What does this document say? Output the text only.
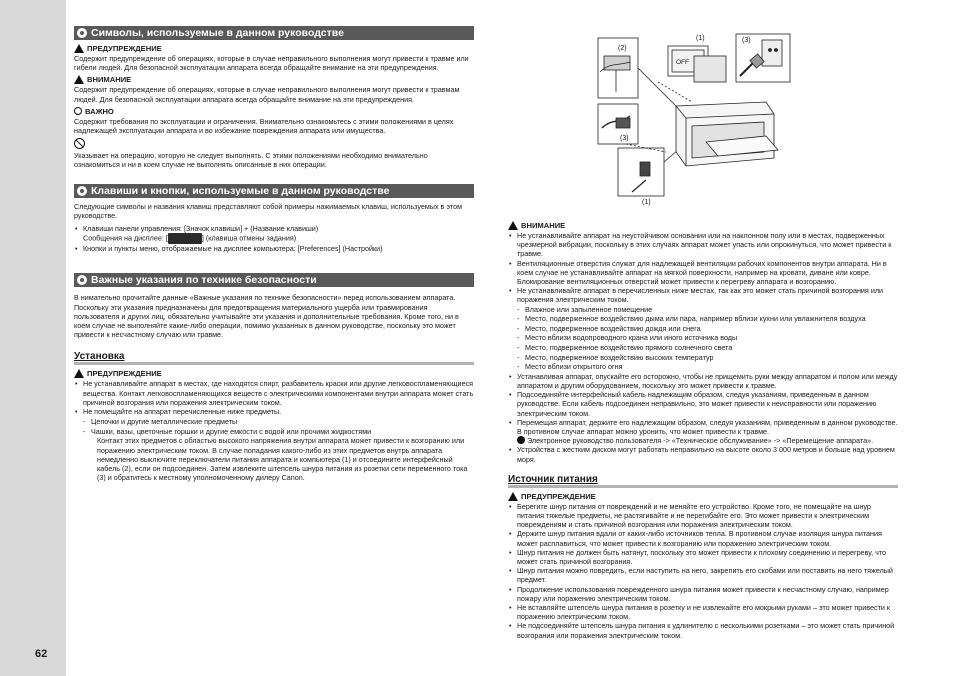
62
Символы, используемые в данном руководстве
ПРЕДУПРЕЖДЕНИЕ

Содержит предупреждение об операциях, которые в случае неправильного выполнения могут привести к травме или гибели людей. Для безопасной эксплуатации аппарата всегда обращайте внимание на эти предупреждения.

ВНИМАНИЕ

Содержит предупреждение об операциях, которые в случае неправильного выполнения могут привести к травмам людей. Для безопасной эксплуатации аппарата всегда обращайте внимание на эти предупреждения.

ВАЖНО

Содержит требования по эксплуатации и ограничения. Внимательно ознакомьтесь с этими положениями в целях надлежащей эксплуатации аппарата и во избежание повреждения аппарата или имущества.

Указывает на операцию, которую не следует выполнять. С этими положениями необходимо внимательно ознакомиться и ни в коем случае не выполнять описанные в них операции.

Клавиши и кнопки, используемые в данном руководстве

Следующие символы и названия клавиш представляют собой примеры нажимаемых клавиш, используемых в этом руководстве.

• Клавиши панели управления: [Значок клавиши] + (Название клавиши)
Сообщения на дисплее: [	] (клавиша отмены задания)
• Кнопки и пункты меню, отображаемые на дисплее компьютера: [Preferences] (Настройки)
Важные указания по технике безопасности

В нимательно прочитайте данные «Важные указания по технике безопасности» перед использованием аппарата.

Поскольку эти указания предназначены для предотвращения материального ущерба или травмирования пользователя и других лиц, обязательно учитывайте эти указания и дополнительные требования. Кроме того, ни в коем случае не выполняйте какие-либо операции, помимо указанных в данном руководстве, поскольку это может привести к несчастному случаю или травме.

Установка
ПРЕДУПРЕЖДЕНИЕ
• Не устанавливайте аппарат в местах, где находятся спирт, разбавитель краски или другие легковоспламеняющиеся вещества. Контакт легковоспламеняющихся веществ с электрическими компонентами внутри аппарата может стать причиной возгорания или поражения электрическим током.
• Не помещайте на аппарат перечисленные ниже предметы.
- Цепочки и другие металлические предметы
- Чашки, вазы, цветочные горшки и другие емкости с водой или прочими жидкостями

Контакт этих предметов с областью высокого напряжения внутри аппарата может привести к возгоранию или поражению электрическим током. В случае попадания какого-либо из этих предметов внутрь аппарата немедленно выключите переключатели питания аппарата и компьютера (1) и отсоедините интерфейсный кабель (2), если он подсоединен. Затем извлеките штепсель шнура питания из розетки сети переменного тока (3) и обратитесь к местному уполномоченному дилеру Canon.

(1)
(2)
(3)
(3)
(1)
OFF
ВНИМАНИЕ
• Не устанавливайте аппарат на неустойчивом основании или на наклонном полу или в местах, подверженных чрезмерной вибрации, поскольку в этих случаях аппарат может упасть или опрокинуться, что может привести к травме.
• Вентиляционные отверстия служат для надлежащей вентиляции рабочих компонентов внутри аппарата. Ни в коем случае не устанавливайте аппарат на мягкой поверхности, например на кровати, диване или ковре. Блокирование вентиляционных отверстий может привести к перегреву аппарата и возгоранию.
• Не устанавливайте аппарат в перечисленных ниже местах, так как это может стать причиной возгорания или поражения электрическим током.
- Влажное или запыленное помещение
- Место, подверженное воздействию дыма или пара, например вблизи кухни или увлажнителя воздуха
- Место, подверженное воздействию дождя или снега
- Место вблизи водопроводного крана или иного источника воды
- Место, подверженное воздействию прямого солнечного света
- Место, подверженное воздействию высоких температур
- Место вблизи открытого огня
• Устанавливая аппарат, опускайте его осторожно, чтобы не прищемить руки между аппаратом и полом или между аппаратом и другим оборудованием, поскольку это может привести к травме.
• Подсоединяйте интерфейсный кабель надлежащим образом, следуя указаниям, приведенным в данном руководстве. Если кабель подсоединен неправильно, это может привести к неисправности или поражению электрическим током.
• Перемещая аппарат, держите его надлежащим образом, следуя указаниям, приведенным в данном руководстве. В противном случае аппарат можно уронить, что может привести к травме.
Электронное руководство пользователя -> «Техническое обслуживание» -> «Перемещение аппарата».
• Устройства с жестким диском могут работать неправильно на высоте около 3 000 метров и больше над уровнем моря.
Источник питания
ПРЕДУПРЕЖДЕНИЕ
• Берегите шнур питания от повреждений и не меняйте его устройство. Кроме того, не помещайте на шнур питания тяжелые предметы, не растягивайте и не перегибайте его. Это может привести к электрическим повреждениям и стать причиной возгорания или поражения электрическим током.
• Держите шнур питания вдали от каких-либо источников тепла. В противном случае изоляция шнура питания может расплавиться, что может привести к возгоранию или поражению электрическим током.
• Шнур питания не должен быть натянут, поскольку это может привести к плохому соединению и перегреву, что может стать причиной возгорания.
• Шнур питания можно повредить, если наступить на него, закрепить его скобами или поставить на него тяжелый предмет.
• Продолжение использования поврежденного шнура питания может привести к несчастному случаю, например пожару или поражению электрическим током.
• Не вставляйте штепсель шнура питания в розетку и не извлекайте его мокрыми руками – это может привести к поражению электрическим током.
• Не подсоединяйте штепсель шнура питания к удлинителю с несколькими розетками – это может стать причиной возгорания или поражения электрическим током.
